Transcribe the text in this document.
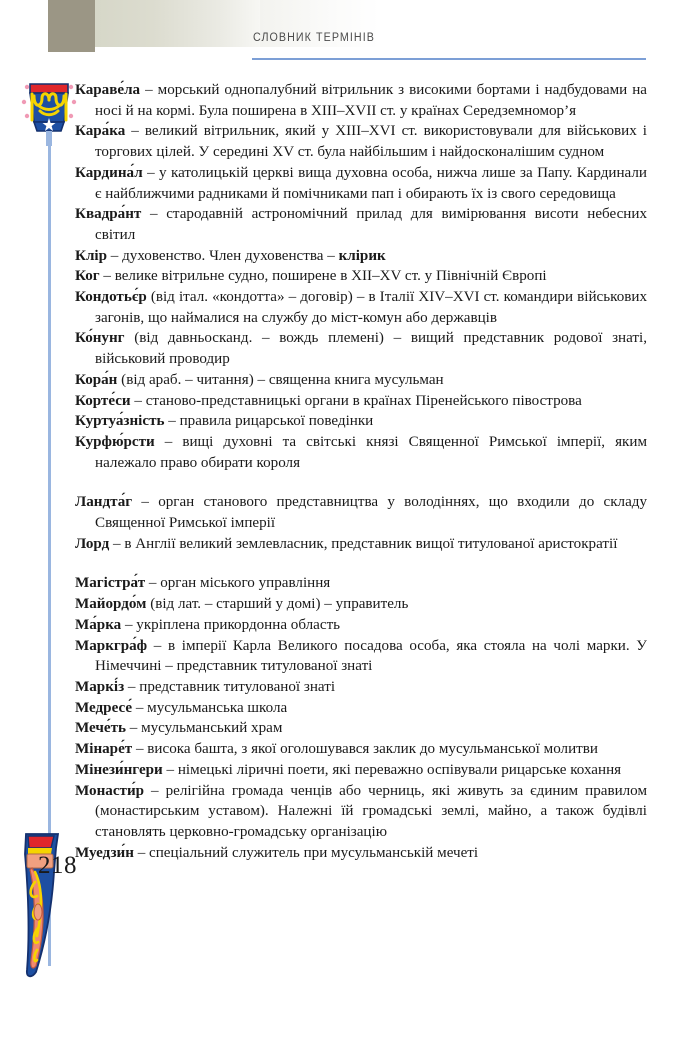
СЛОВНИК ТЕРМІНІВ
218

Караве́ла – морський однопалубний вітрильник з високими бортами і надбудовами на носі й на кормі. Була поширена в XIII–XVII ст. у країнах Середземномор’я

Кара́ка – великий вітрильник, який у XIII–XVI ст. використовували для військових і торгових цілей. У середині XV ст. була найбільшим і найдосконалішим судном

Кардина́л – у католицькій церкві вища духовна особа, нижча лише за Папу. Кардинали є найближчими радниками й помічниками пап і обирають їх із свого середовища

Квадра́нт – стародавній астрономічний прилад для вимірювання висоти небесних світил

Клір – духовенство. Член духовенства – клірик

Ког – велике вітрильне судно, поширене в XII–XV ст. у Північній Європі

Кондотьє́р (від італ. «кондотта» – договір) – в Італії XIV–XVI ст. командири військових загонів, що наймалися на службу до міст-комун або державців

Ко́нунг (від давньосканд. – вождь племені) – вищий представник родової знаті, військовий проводир

Кора́н (від араб. – читання) – священна книга мусульман

Корте́си – станово-представницькі органи в країнах Піренейського півострова

Куртуа́зність – правила рицарської поведінки

Курфю́рсти – вищі духовні та світські князі Священної Римської імперії, яким належало право обирати короля

Ландта́г – орган станового представництва у володіннях, що входили до складу Священної Римської імперії

Лорд – в Англії великий землевласник, представник вищої титулованої аристократії

Магістра́т – орган міського управління

Майордо́м (від лат. – старший у домі) – управитель

Ма́рка – укріплена прикордонна область

Маркгра́ф – в імперії Карла Великого посадова особа, яка стояла на чолі марки. У Німеччині – представник титулованої знаті

Маркі́з – представник титулованої знаті

Медресе́ – мусульманська школа

Мече́ть – мусульманський храм

Мінаре́т – висока башта, з якої оголошувався заклик до мусульманської молитви

Мінези́нгери – німецькі ліричні поети, які переважно оспівували рицарське кохання

Монасти́р – релігійна громада ченців або черниць, які живуть за єдиним правилом (монастирським уставом). Належні їй громадські землі, майно, а також будівлі становлять церковно-громадську організацію

Муедзи́н – спеціальний служитель при мусульманській мечеті
